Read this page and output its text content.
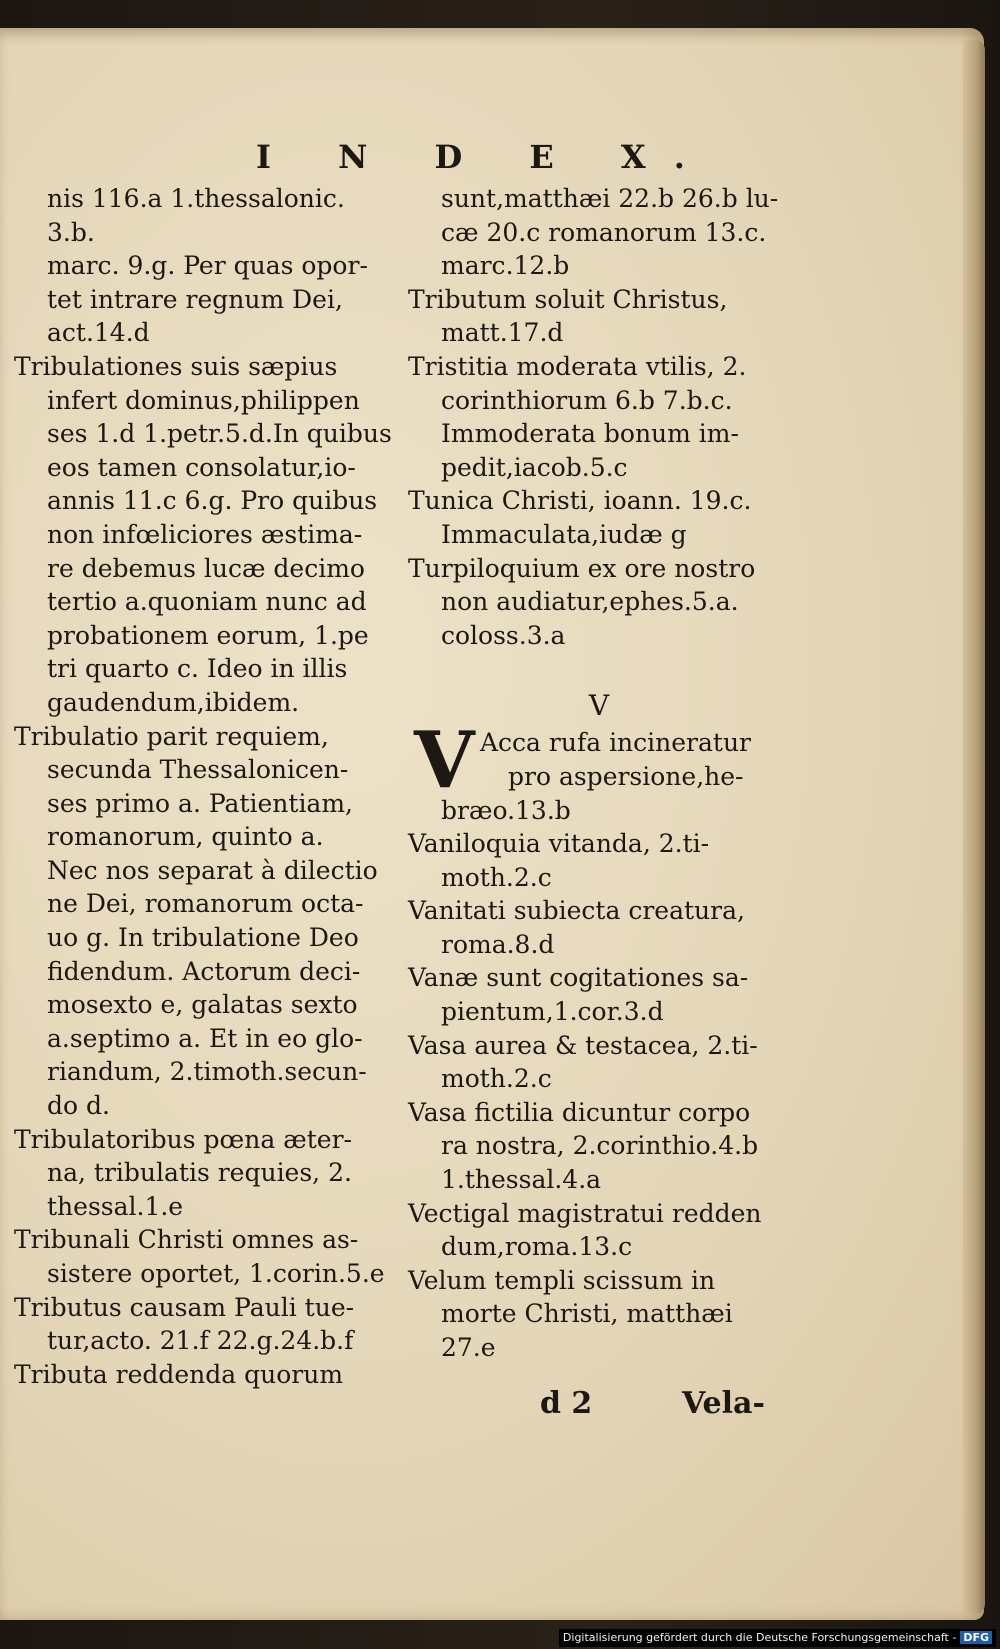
I N D E X.

nis 116.a 1.thessalonic. 3.b.

marc. 9.g. Per quas opor-

tet intrare regnum Dei,

act.14.d

Tribulationes suis sæpius

infert dominus,philippen

ses 1.d 1.petr.5.d.In quibus

eos tamen consolatur,io-

annis 11.c 6.g. Pro quibus

non infœliciores æstima-

re debemus lucæ decimo

tertio a.quoniam nunc ad

probationem eorum, 1.pe

tri quarto c. Ideo in illis

gaudendum,ibidem.

Tribulatio parit requiem,

secunda Thessalonicen-

ses primo a. Patientiam,

romanorum, quinto a.

Nec nos separat à dilectio

ne Dei, romanorum octa-

uo g. In tribulatione Deo

fidendum. Actorum deci-

mosexto e, galatas sexto

a.septimo a. Et in eo glo-

riandum, 2.timoth.secun-

do d.

Tribulatoribus pœna æter-

na, tribulatis requies, 2.

thessal.1.e

Tribunali Christi omnes as-

sistere oportet, 1.corin.5.e

Tributus causam Pauli tue-

tur,acto. 21.f 22.g.24.b.f

Tributa reddenda quorum

sunt,matthæi 22.b 26.b lu-

cæ 20.c romanorum 13.c.

marc.12.b

Tributum soluit Christus,

matt.17.d

Tristitia moderata vtilis, 2.

corinthiorum 6.b 7.b.c.

Immoderata bonum im-

pedit,iacob.5.c

Tunica Christi, ioann. 19.c.

Immaculata,iudæ g

Turpiloquium ex ore nostro

non audiatur,ephes.5.a.

coloss.3.a

V

V Acca rufa incineratur
pro aspersione,he-

bræo.13.b

Vaniloquia vitanda, 2.ti-

moth.2.c

Vanitati subiecta creatura,

roma.8.d

Vanæ sunt cogitationes sa-

pientum,1.cor.3.d

Vasa aurea & testacea, 2.ti-

moth.2.c

Vasa fictilia dicuntur corpo

ra nostra, 2.corinthio.4.b

1.thessal.4.a

Vectigal magistratui redden

dum,roma.13.c

Velum templi scissum in

morte Christi, matthæi

27.e

d 2	Vela-
Digitalisierung gefördert durch die Deutsche Forschungsgemeinschaft - DFG
